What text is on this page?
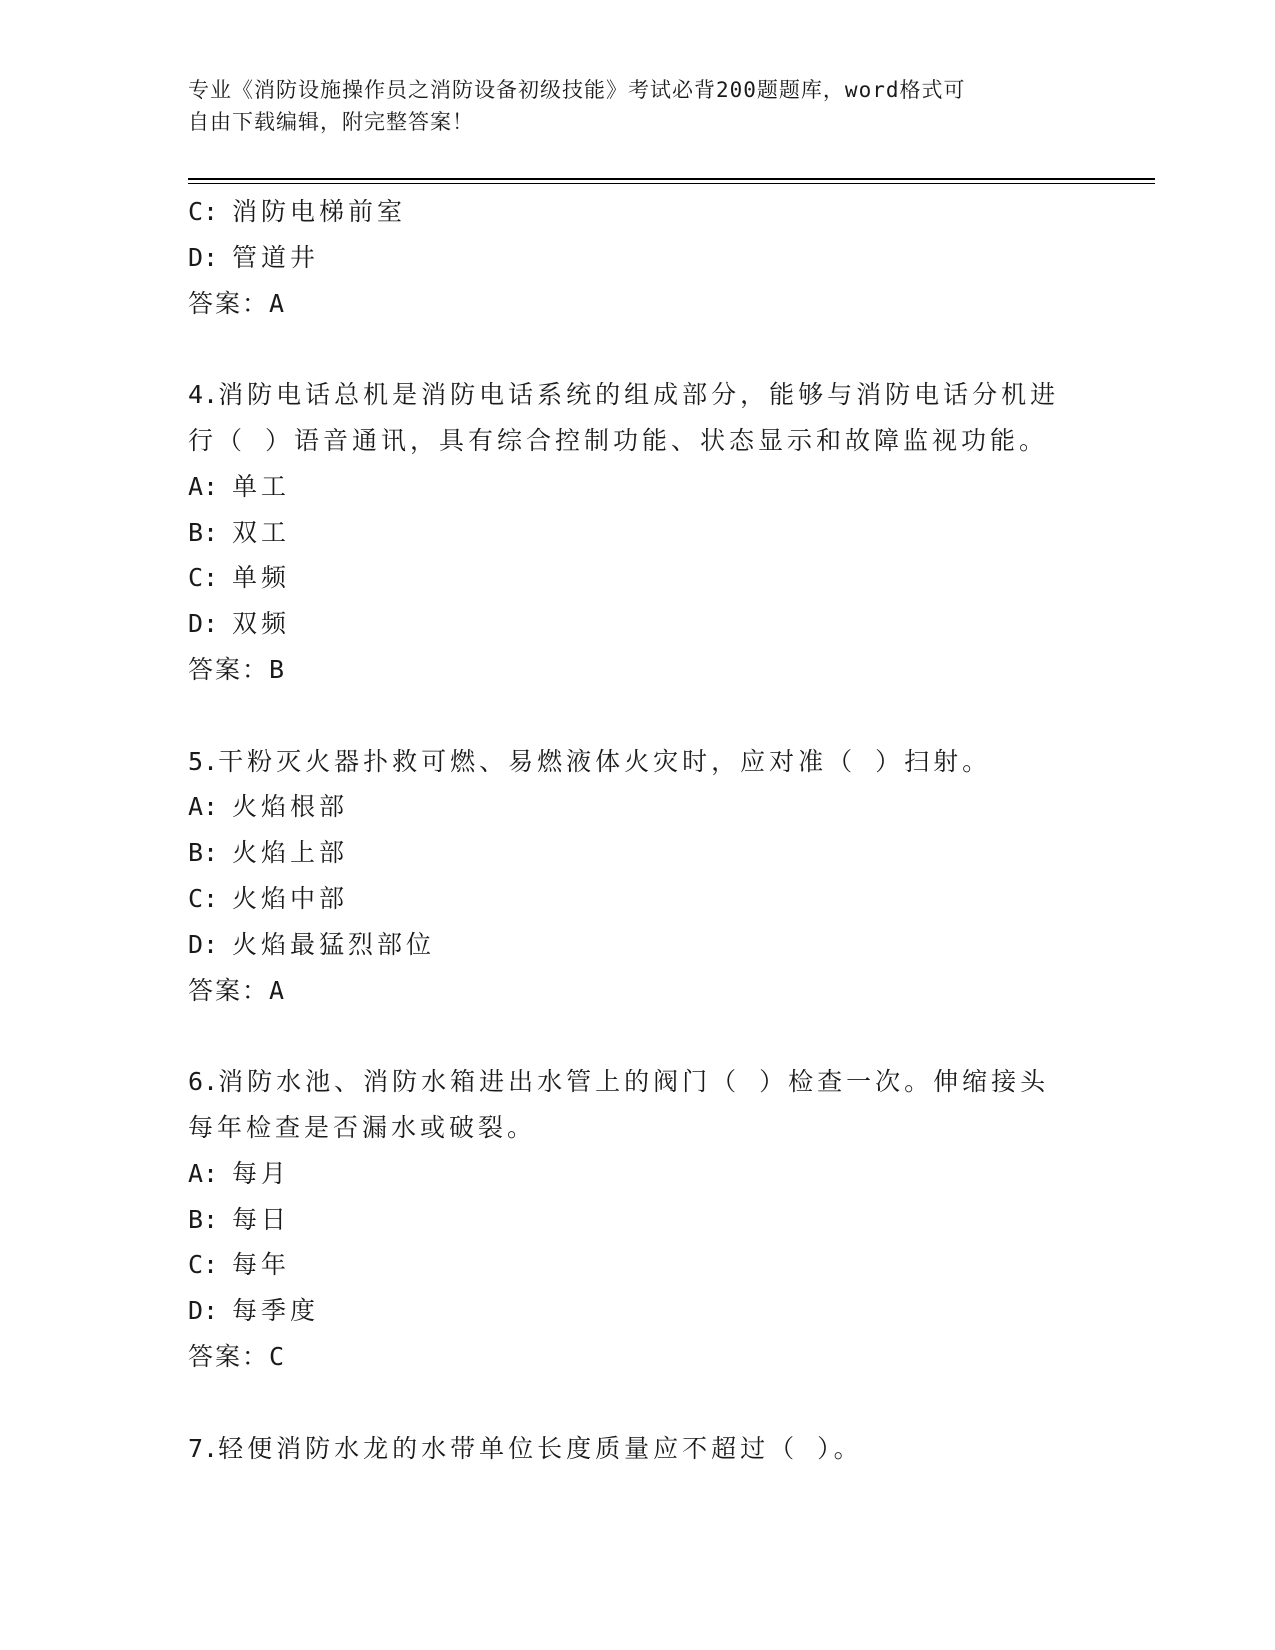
专业《消防设施操作员之消防设备初级技能》考试必背200题题库，word格式可
自由下载编辑，附完整答案！
C: 消防电梯前室
D: 管道井
答案：A
4.消防电话总机是消防电话系统的组成部分，能够与消防电话分机进
行（ ）语音通讯，具有综合控制功能、状态显示和故障监视功能。
A: 单工
B: 双工
C: 单频
D: 双频
答案：B
5.干粉灭火器扑救可燃、易燃液体火灾时，应对准（ ）扫射。
A: 火焰根部
B: 火焰上部
C: 火焰中部
D: 火焰最猛烈部位
答案：A
6.消防水池、消防水箱进出水管上的阀门（ ）检查一次。伸缩接头
每年检查是否漏水或破裂。
A: 每月
B: 每日
C: 每年
D: 每季度
答案：C
7.轻便消防水龙的水带单位长度质量应不超过（ ）。
